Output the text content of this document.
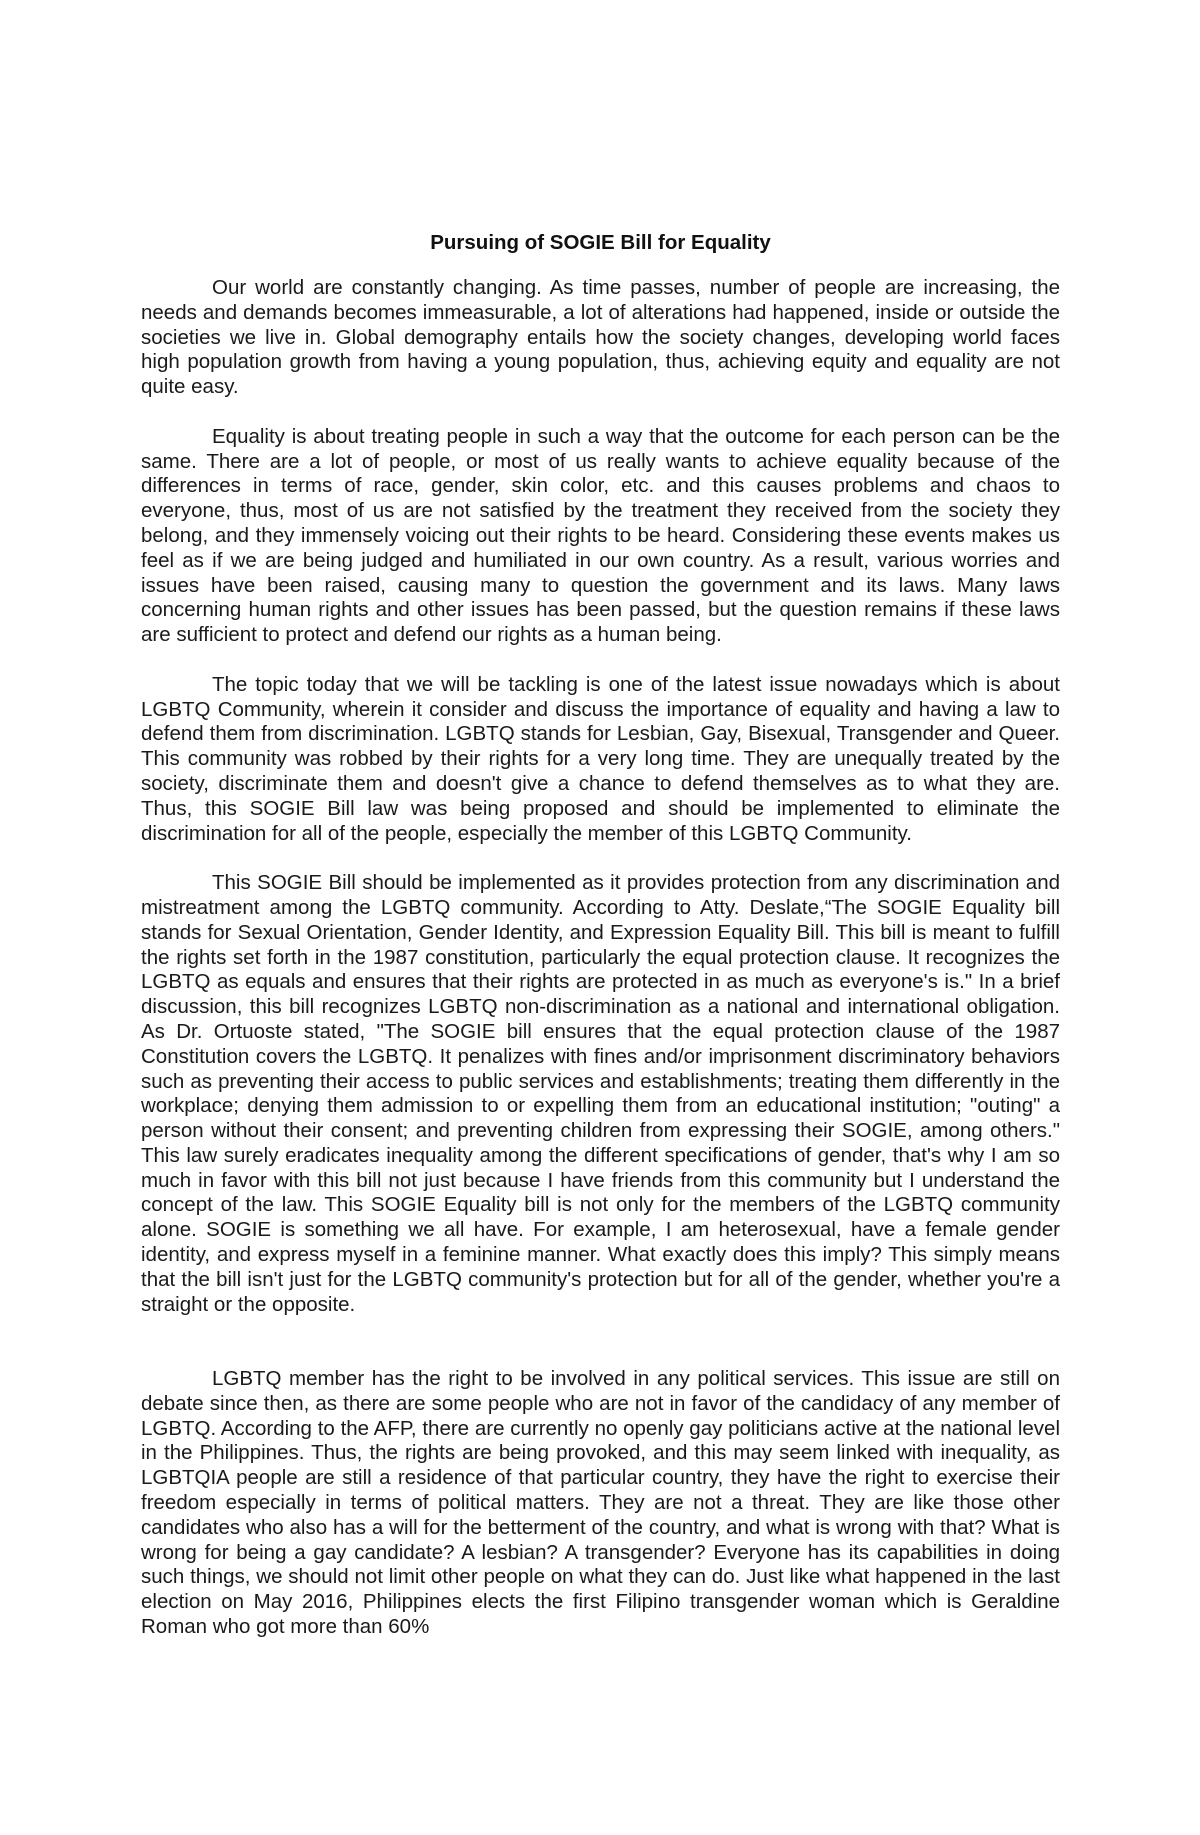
Pursuing of SOGIE Bill for Equality

Our world are constantly changing. As time passes, number of people are increasing, the needs and demands becomes immeasurable, a lot of alterations had happened, inside or outside the societies we live in. Global demography entails how the society changes, developing world faces high population growth from having a young population, thus, achieving equity and equality are not quite easy.

Equality is about treating people in such a way that the outcome for each person can be the same. There are a lot of people, or most of us really wants to achieve equality because of the differences in terms of race, gender, skin color, etc. and this causes problems and chaos to everyone, thus, most of us are not satisfied by the treatment they received from the society they belong, and they immensely voicing out their rights to be heard. Considering these events makes us feel as if we are being judged and humiliated in our own country. As a result, various worries and issues have been raised, causing many to question the government and its laws. Many laws concerning human rights and other issues has been passed, but the question remains if these laws are sufficient to protect and defend our rights as a human being.

The topic today that we will be tackling is one of the latest issue nowadays which is about LGBTQ Community, wherein it consider and discuss the importance of equality and having a law to defend them from discrimination. LGBTQ stands for Lesbian, Gay, Bisexual, Transgender and Queer. This community was robbed by their rights for a very long time. They are unequally treated by the society, discriminate them and doesn't give a chance to defend themselves as to what they are. Thus, this SOGIE Bill law was being proposed and should be implemented to eliminate the discrimination for all of the people, especially the member of this LGBTQ Community.

This SOGIE Bill should be implemented as it provides protection from any discrimination and mistreatment among the LGBTQ community. According to Atty. Deslate,“The SOGIE Equality bill stands for Sexual Orientation, Gender Identity, and Expression Equality Bill. This bill is meant to fulfill the rights set forth in the 1987 constitution, particularly the equal protection clause. It recognizes the LGBTQ as equals and ensures that their rights are protected in as much as everyone's is." In a brief discussion, this bill recognizes LGBTQ non-discrimination as a national and international obligation. As Dr. Ortuoste stated, "The SOGIE bill ensures that the equal protection clause of the 1987 Constitution covers the LGBTQ. It penalizes with fines and/or imprisonment discriminatory behaviors such as preventing their access to public services and establishments; treating them differently in the workplace; denying them admission to or expelling them from an educational institution; "outing" a person without their consent; and preventing children from expressing their SOGIE, among others." This law surely eradicates inequality among the different specifications of gender, that's why I am so much in favor with this bill not just because I have friends from this community but I understand the concept of the law. This SOGIE Equality bill is not only for the members of the LGBTQ community alone. SOGIE is something we all have. For example, I am heterosexual, have a female gender identity, and express myself in a feminine manner. What exactly does this imply? This simply means that the bill isn't just for the LGBTQ community's protection but for all of the gender, whether you're a straight or the opposite.

LGBTQ member has the right to be involved in any political services. This issue are still on debate since then, as there are some people who are not in favor of the candidacy of any member of LGBTQ. According to the AFP, there are currently no openly gay politicians active at the national level in the Philippines. Thus, the rights are being provoked, and this may seem linked with inequality, as LGBTQIA people are still a residence of that particular country, they have the right to exercise their freedom especially in terms of political matters. They are not a threat. They are like those other candidates who also has a will for the betterment of the country, and what is wrong with that? What is wrong for being a gay candidate? A lesbian? A transgender? Everyone has its capabilities in doing such things, we should not limit other people on what they can do. Just like what happened in the last election on May 2016, Philippines elects the first Filipino transgender woman which is Geraldine Roman who got more than 60%
